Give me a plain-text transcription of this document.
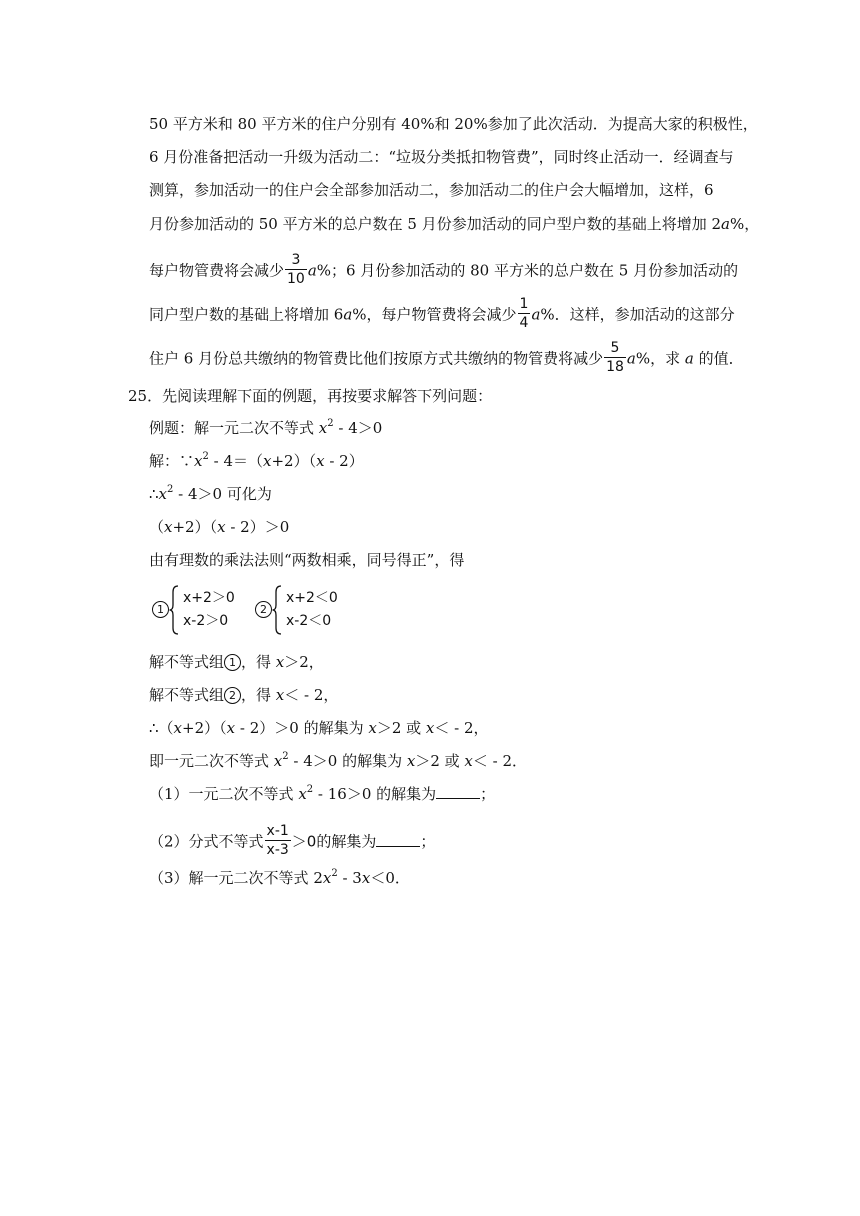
50 平方米和 80 平方米的住户分别有 40%和 20%参加了此次活动．为提高大家的积极性，
6 月份准备把活动一升级为活动二：“垃圾分类抵扣物管费”，同时终止活动一．经调查与
测算，参加活动一的住户会全部参加活动二，参加活动二的住户会大幅增加，这样，6
月份参加活动的 50 平方米的总户数在 5 月份参加活动的同户型户数的基础上将增加 2a%，
每户物管费将会减少 $\frac{3}{10} a\%$；6 月份参加活动的 80 平方米的总户数在 5 月份参加活动的
同户型户数的基础上将增加 6a%，每户物管费将会减少 $\frac{1}{4} a\%$．这样，参加活动的这部分
住户 6 月份总共缴纳的物管费比他们按原方式共缴纳的物管费将减少 $\frac{5}{18} a\%$，求 a 的值．
25．先阅读理解下面的例题，再按要求解答下列问题：
例题：解一元二次不等式 $x^2 - 4>0$
解：$\because x^2 - 4=(x+2)(x - 2)$
$\therefore x^2 - 4>0$ 可化为
（x+2）（x - 2）＞0
由有理数的乘法法则“两数相乘，同号得正”，得
1
x+2＞0
x-2＞0
2
x+2＜0
x-2＜0
解不等式组 1 ，得 x＞2，
解不等式组 2 ，得 x＜ - 2，
∴（x+2）（x - 2）＞0 的解集为 x＞2 或 x＜ - 2，
即一元二次不等式 $x^2 - 4>0$ 的解集为 x＞2 或 x＜ - 2．
（1）一元二次不等式 $x^2 - 16>0$ 的解集为	；
（2）分式不等式 $\frac{x-1}{x-3} >0$的解集为	；
（3）解一元二次不等式 $2x^2 - 3x<0$．
